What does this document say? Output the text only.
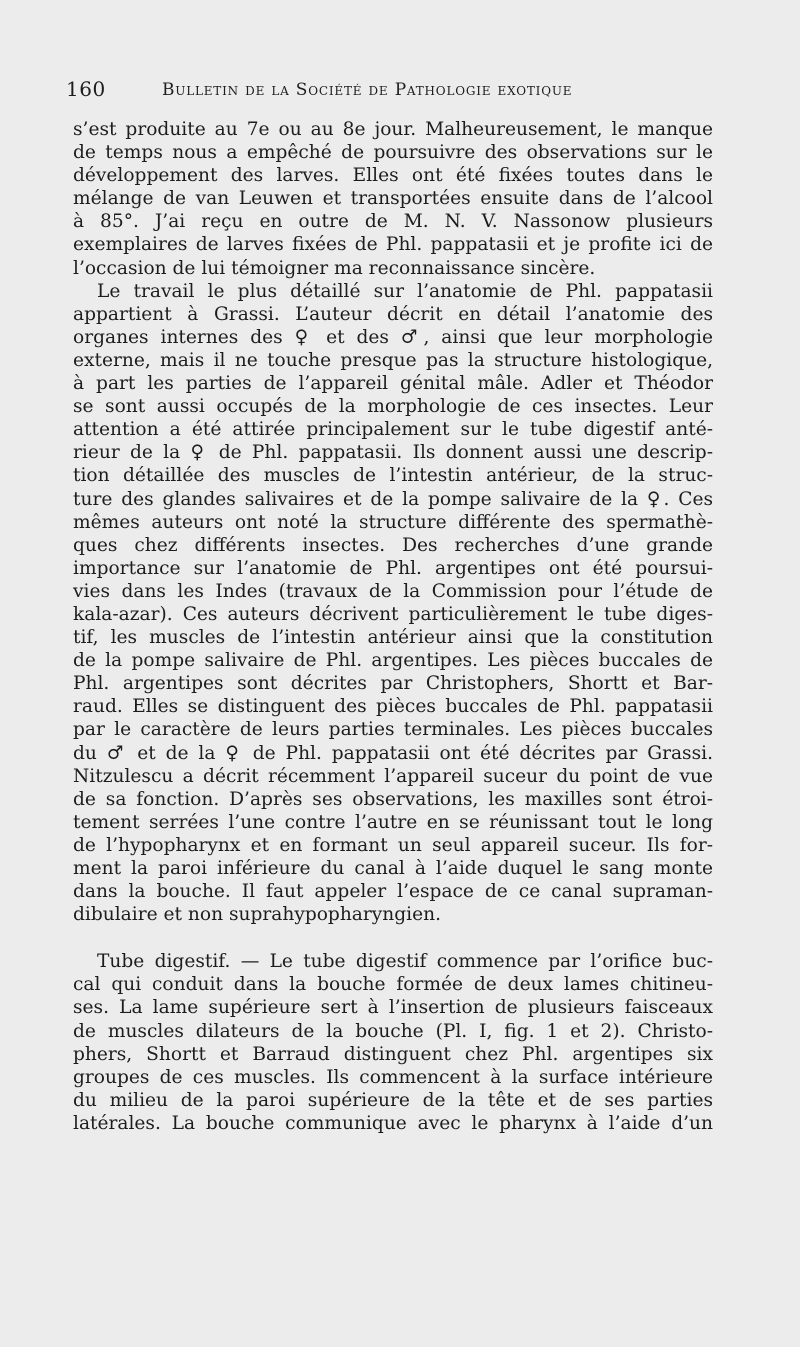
160	Bulletin de la Société de Pathologie exotique

s’est produite au 7e ou au 8e jour. Malheureusement, le manque
de temps nous a empêché de poursuivre des observations sur le
développement des larves. Elles ont été fixées toutes dans le
mélange de van Leuwen et transportées ensuite dans de l’alcool
à 85°. J’ai reçu en outre de M. N. V. Nassonow plusieurs
exemplaires de larves fixées de Phl. pappatasii et je profite ici de
l’occasion de lui témoigner ma reconnaissance sincère.

Le travail le plus détaillé sur l’anatomie de Phl. pappatasii
appartient à Grassi. L’auteur décrit en détail l’anatomie des
organes internes des ♀ et des ♂, ainsi que leur morphologie
externe, mais il ne touche presque pas la structure histologique,
à part les parties de l’appareil génital mâle. Adler et Théodor
se sont aussi occupés de la morphologie de ces insectes. Leur
attention a été attirée principalement sur le tube digestif anté-
rieur de la ♀ de Phl. pappatasii. Ils donnent aussi une descrip-
tion détaillée des muscles de l’intestin antérieur, de la struc-
ture des glandes salivaires et de la pompe salivaire de la ♀. Ces
mêmes auteurs ont noté la structure différente des spermathè-
ques chez différents insectes. Des recherches d’une grande
importance sur l’anatomie de Phl. argentipes ont été poursui-
vies dans les Indes (travaux de la Commission pour l’étude de
kala-azar). Ces auteurs décrivent particulièrement le tube diges-
tif, les muscles de l’intestin antérieur ainsi que la constitution
de la pompe salivaire de Phl. argentipes. Les pièces buccales de
Phl. argentipes sont décrites par Christophers, Shortt et Bar-
raud. Elles se distinguent des pièces buccales de Phl. pappatasii
par le caractère de leurs parties terminales. Les pièces buccales
du ♂ et de la ♀ de Phl. pappatasii ont été décrites par Grassi.
Nitzulescu a décrit récemment l’appareil suceur du point de vue
de sa fonction. D’après ses observations, les maxilles sont étroi-
tement serrées l’une contre l’autre en se réunissant tout le long
de l’hypopharynx et en formant un seul appareil suceur. Ils for-
ment la paroi inférieure du canal à l’aide duquel le sang monte
dans la bouche. Il faut appeler l’espace de ce canal supraman-
dibulaire et non suprahypopharyngien.

Tube digestif. — Le tube digestif commence par l’orifice buc-
cal qui conduit dans la bouche formée de deux lames chitineu-
ses. La lame supérieure sert à l’insertion de plusieurs faisceaux
de muscles dilateurs de la bouche (Pl. I, fig. 1 et 2). Christo-
phers, Shortt et Barraud distinguent chez Phl. argentipes six
groupes de ces muscles. Ils commencent à la surface intérieure
du milieu de la paroi supérieure de la tête et de ses parties
latérales. La bouche communique avec le pharynx à l’aide d’un
